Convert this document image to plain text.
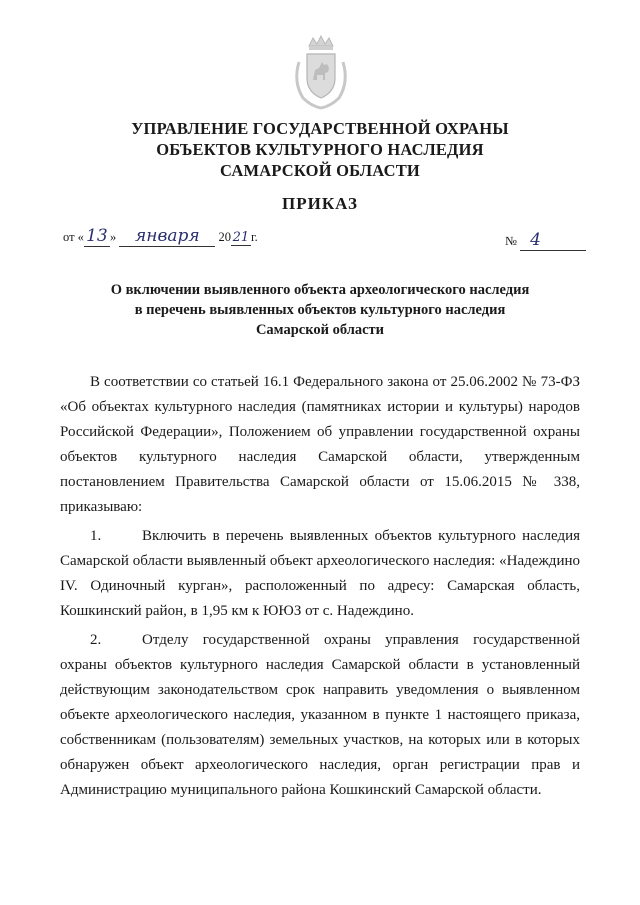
УПРАВЛЕНИЕ ГОСУДАРСТВЕННОЙ ОХРАНЫ
ОБЪЕКТОВ КУЛЬТУРНОГО НАСЛЕДИЯ
САМАРСКОЙ ОБЛАСТИ
ПРИКАЗ
от « 13 » января 20 21 г.	№ 4
О включении выявленного объекта археологического наследия
в перечень выявленных объектов культурного наследия
Самарской области

В соответствии со статьей 16.1 Федерального закона от 25.06.2002 № 73-ФЗ «Об объектах культурного наследия (памятниках истории и культуры) народов Российской Федерации», Положением об управлении государственной охраны объектов культурного наследия Самарской области, утвержденным постановлением Правительства Самарской области от 15.06.2015 № 338, приказываю:

1.	Включить в перечень выявленных объектов культурного наследия Самарской области выявленный объект археологического наследия: «Надеждино IV. Одиночный курган», расположенный по адресу: Самарская область, Кошкинский район, в 1,95 км к ЮЮЗ от с. Надеждино.

2.	Отделу государственной охраны управления государственной охраны объектов культурного наследия Самарской области в установленный действующим законодательством срок направить уведомления о выявленном объекте археологического наследия, указанном в пункте 1 настоящего приказа, собственникам (пользователям) земельных участков, на которых или в которых обнаружен объект археологического наследия, орган регистрации прав и Администрацию муниципального района Кошкинский Самарской области.
